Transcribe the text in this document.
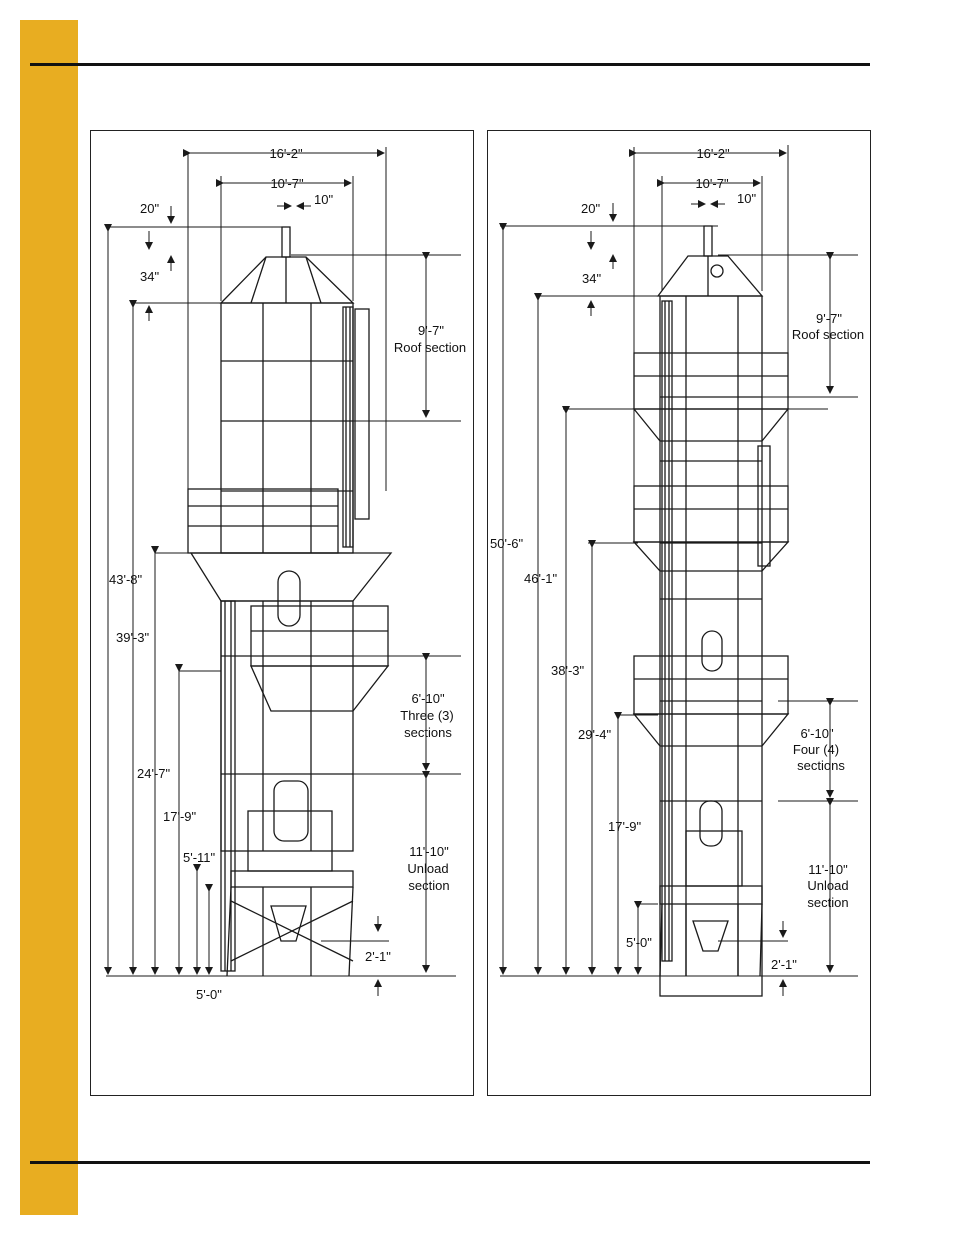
16'-2"
10'-7"
10"
20"
34"
9'-7"
Roof section
43'-8"
39'-3"
6'-10"
Three (3)
sections
24'-7"
17'-9"
11'-10"
Unload
section
5'-11"
2'-1"
5'-0"
16'-2"
10'-7"
10"
20"
34"
9'-7"
Roof section
50'-6"
46'-1"
38'-3"
29'-4"	6'-10"
Four (4)
sections
17'-9"
11'-10"
Unload
section
5'-0"
2'-1"
